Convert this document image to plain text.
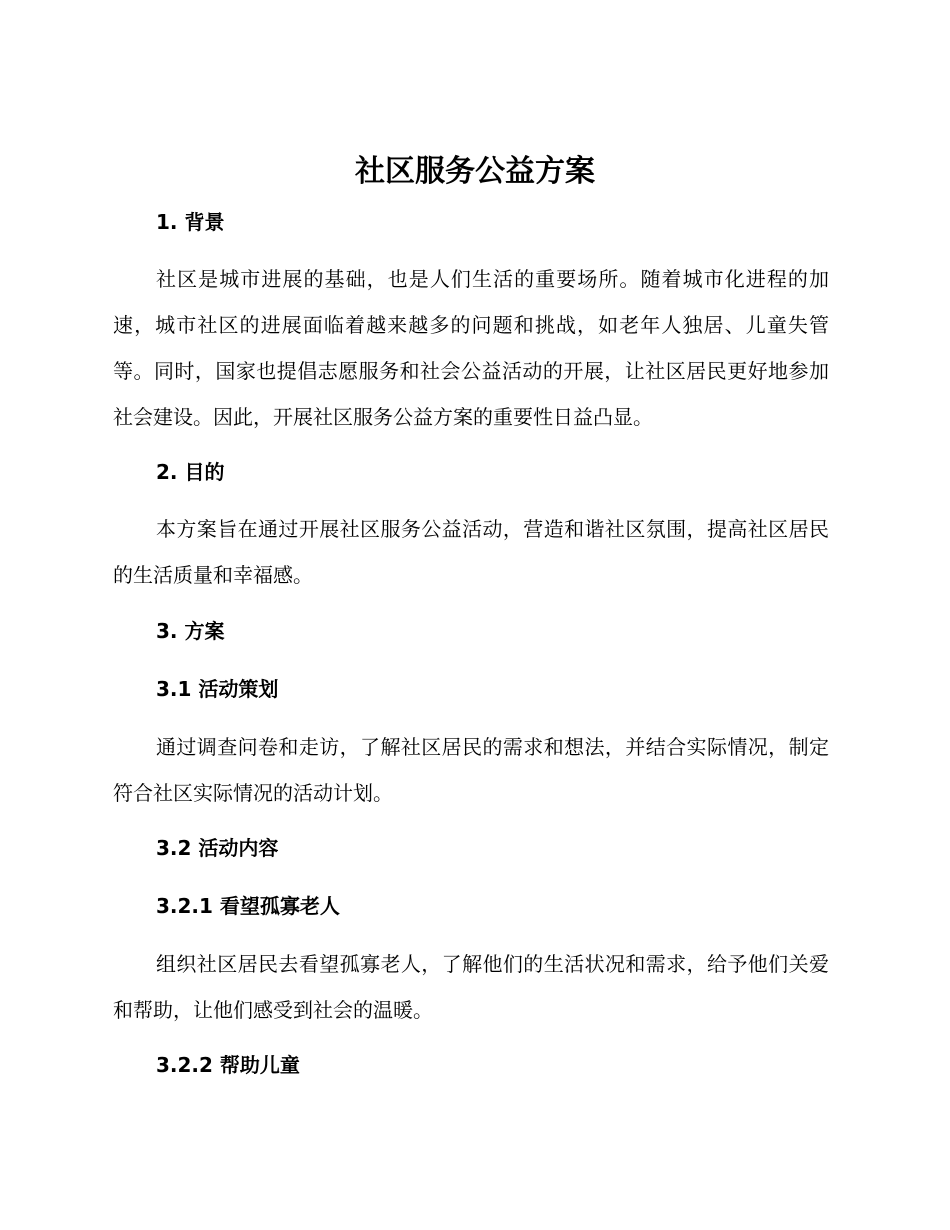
社区服务公益方案
1. 背景

社区是城市进展的基础，也是人们生活的重要场所。随着城市化进程的加速，城市社区的进展面临着越来越多的问题和挑战，如老年人独居、儿童失管等。同时，国家也提倡志愿服务和社会公益活动的开展，让社区居民更好地参加社会建设。因此，开展社区服务公益方案的重要性日益凸显。

2. 目的

本方案旨在通过开展社区服务公益活动，营造和谐社区氛围，提高社区居民的生活质量和幸福感。

3. 方案
3.1 活动策划

通过调查问卷和走访，了解社区居民的需求和想法，并结合实际情况，制定符合社区实际情况的活动计划。

3.2 活动内容
3.2.1 看望孤寡老人

组织社区居民去看望孤寡老人，了解他们的生活状况和需求，给予他们关爱和帮助，让他们感受到社会的温暖。

3.2.2 帮助儿童
